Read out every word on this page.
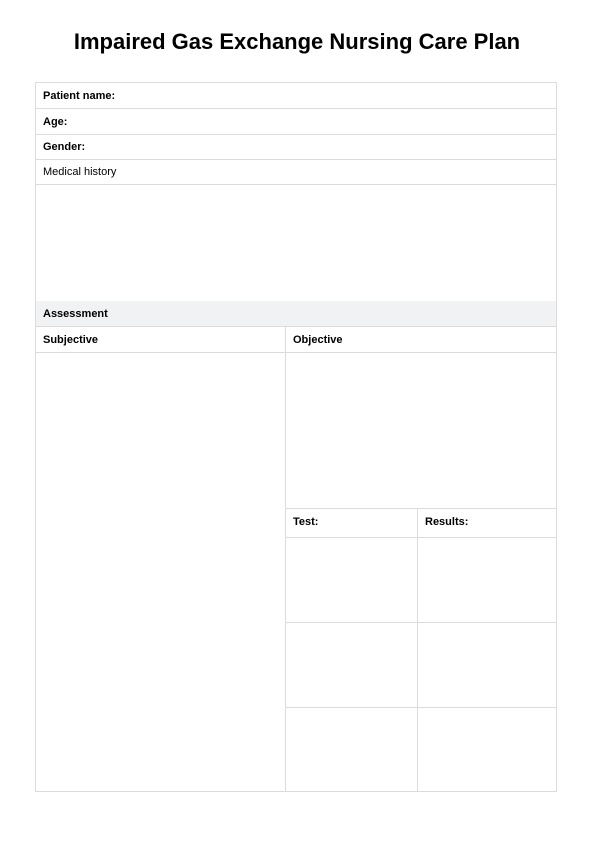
Impaired Gas Exchange Nursing Care Plan
Patient name:
Age:
Gender:
Medical history
Assessment
Subjective	Objective
Test:	Results:
